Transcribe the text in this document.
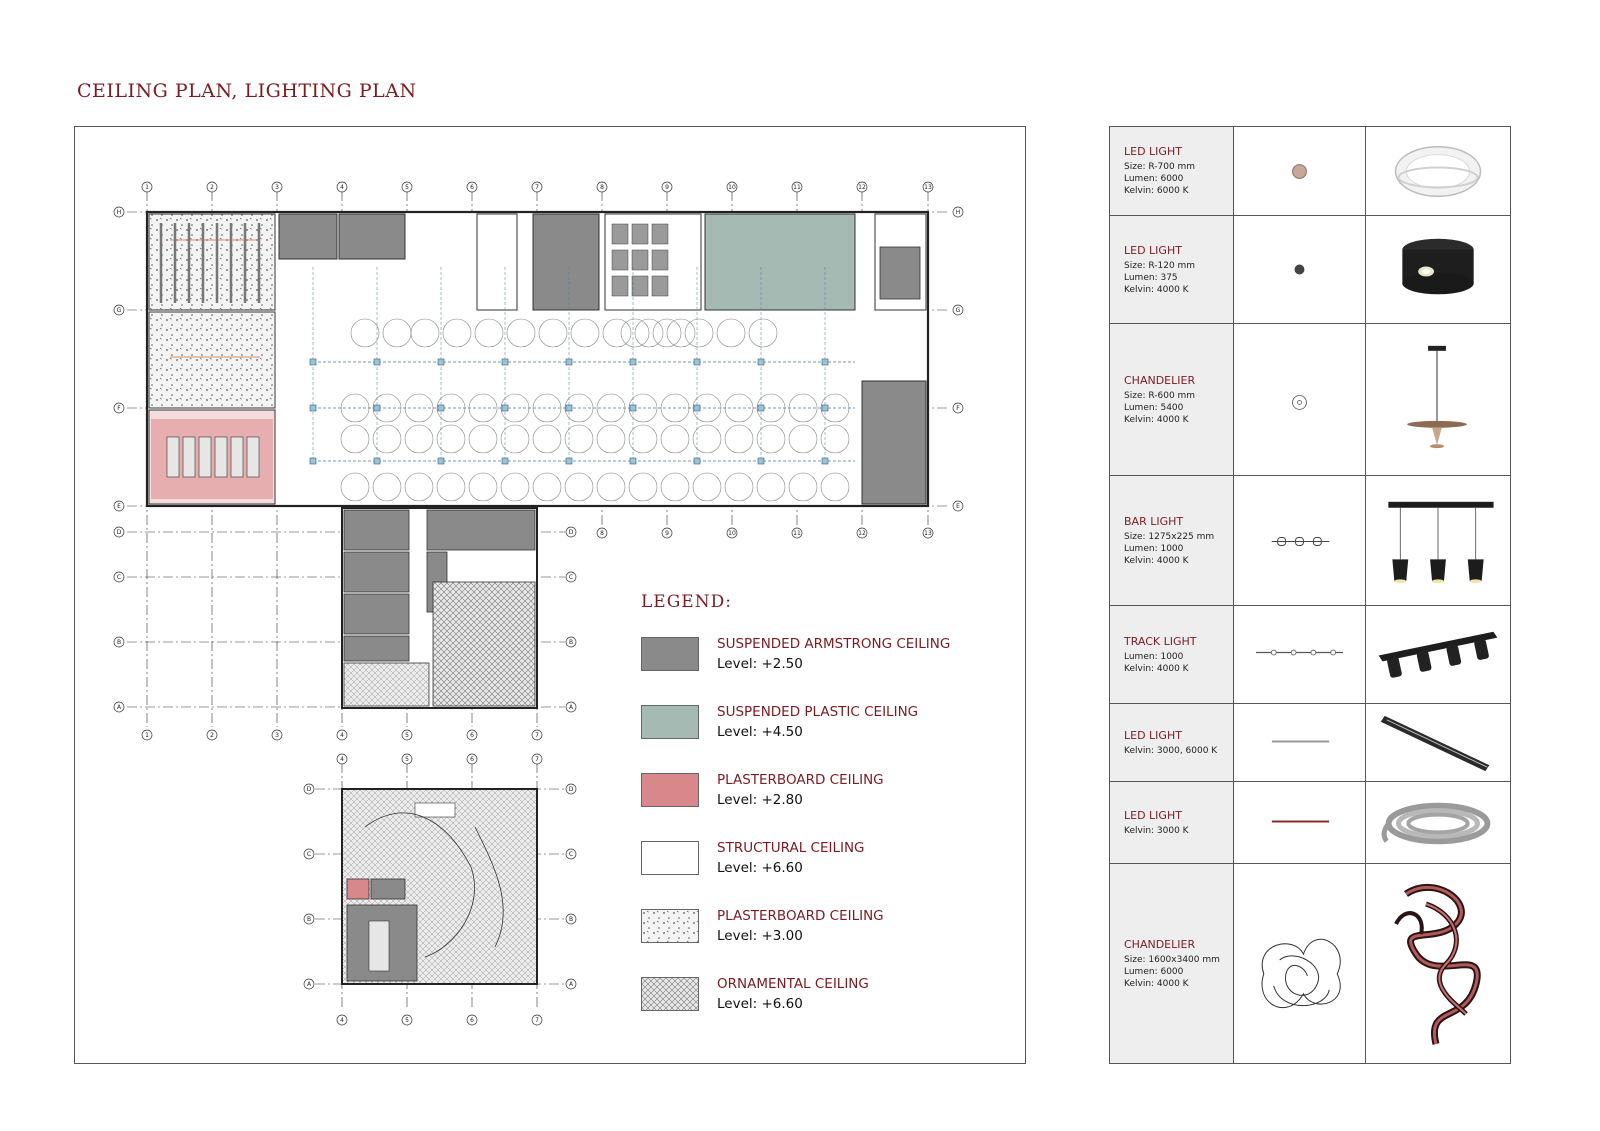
CEILING PLAN, LIGHTING PLAN
1	2	3	4	5	6	7	8	9	10	11	12	13
1	2	3	4	5	6	7
8	9	10	11	12	13
H	H
G	G
F	F
E	E
D	D
C	C
B	B
A	A
D	D
C	C
B	B
A	A
4
4
5
5
6
6
7
7
LEGEND:
SUSPENDED ARMSTRONG CEILING
Level: +2.50
SUSPENDED PLASTIC CEILING
Level: +4.50
PLASTERBOARD CEILING
Level: +2.80
STRUCTURAL CEILING
Level: +6.60
PLASTERBOARD CEILING
Level: +3.00
ORNAMENTAL CEILING
Level: +6.60
LED LIGHT
Size: R-700 mm
Lumen: 6000
Kelvin: 6000 K
LED LIGHT
Size: R-120 mm
Lumen: 375
Kelvin: 4000 K
CHANDELIER
Size: R-600 mm
Lumen: 5400
Kelvin: 4000 K
BAR LIGHT
Size: 1275x225 mm
Lumen: 1000
Kelvin: 4000 K
TRACK LIGHT
Lumen: 1000
Kelvin: 4000 K
LED LIGHT
Kelvin: 3000, 6000 K
LED LIGHT
Kelvin: 3000 K
CHANDELIER
Size: 1600x3400 mm
Lumen: 6000
Kelvin: 4000 K
